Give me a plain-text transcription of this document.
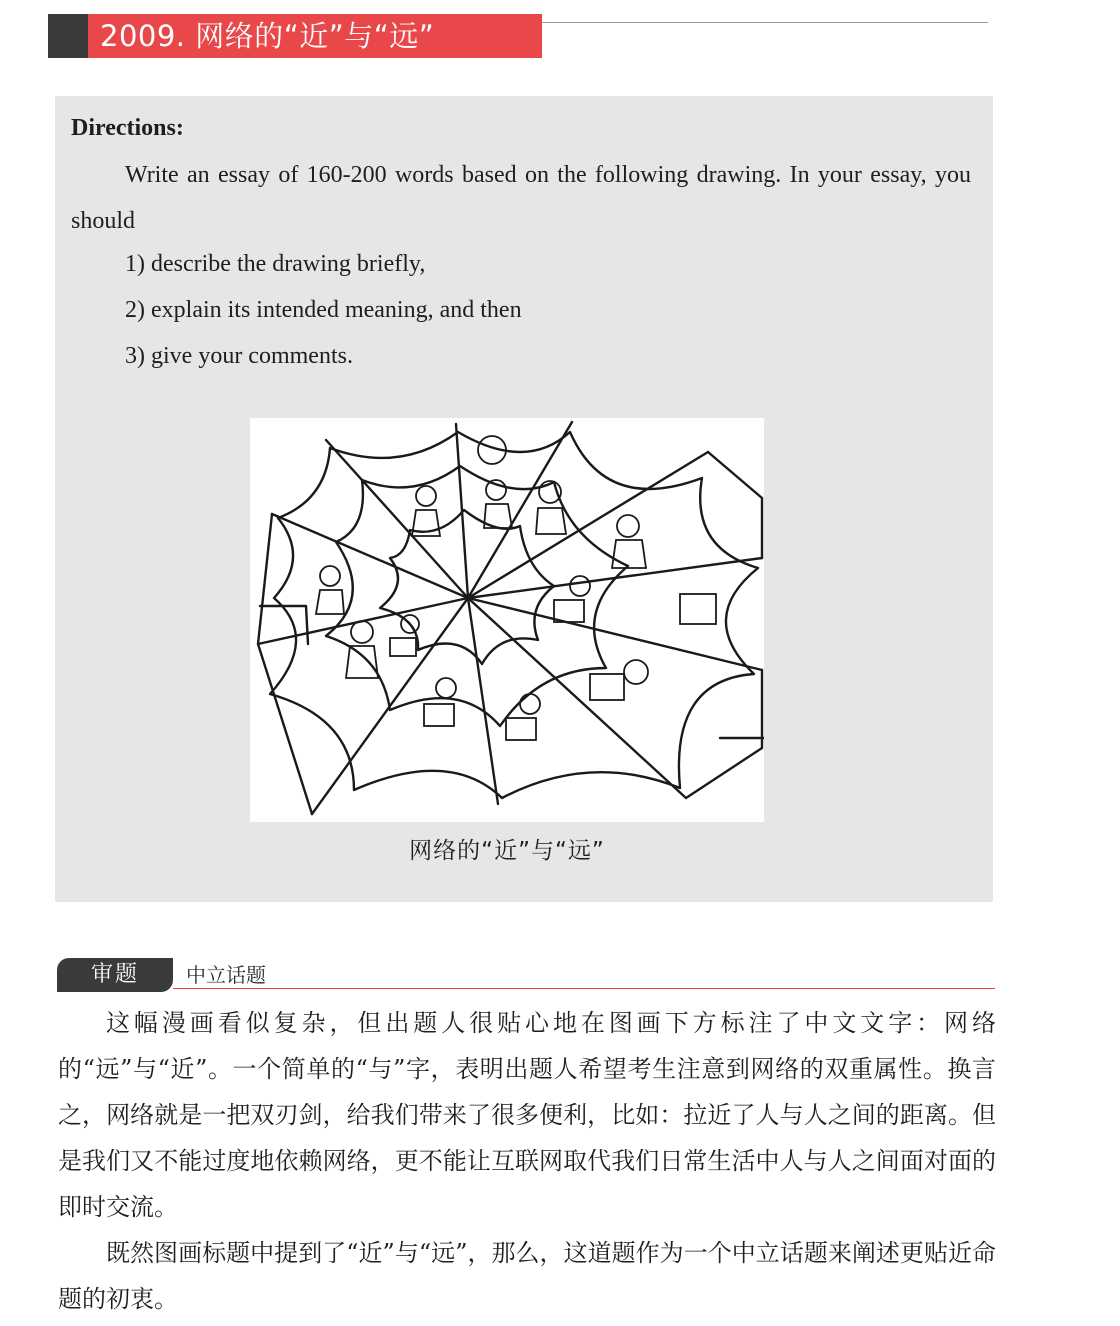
2009. 网络的“近”与“远”
Directions:
Write an essay of 160-200 words based on the following drawing. In your essay, you should
1) describe the drawing briefly,
2) explain its intended meaning, and then
3) give your comments.
网络的“近”与“远”
审题	中立话题

这幅漫画看似复杂，但出题人很贴心地在图画下方标注了中文文字：网络的“远”与“近”。一个简单的“与”字，表明出题人希望考生注意到网络的双重属性。换言之，网络就是一把双刃剑，给我们带来了很多便利，比如：拉近了人与人之间的距离。但是我们又不能过度地依赖网络，更不能让互联网取代我们日常生活中人与人之间面对面的即时交流。

既然图画标题中提到了“近”与“远”，那么，这道题作为一个中立话题来阐述更贴近命题的初衷。
